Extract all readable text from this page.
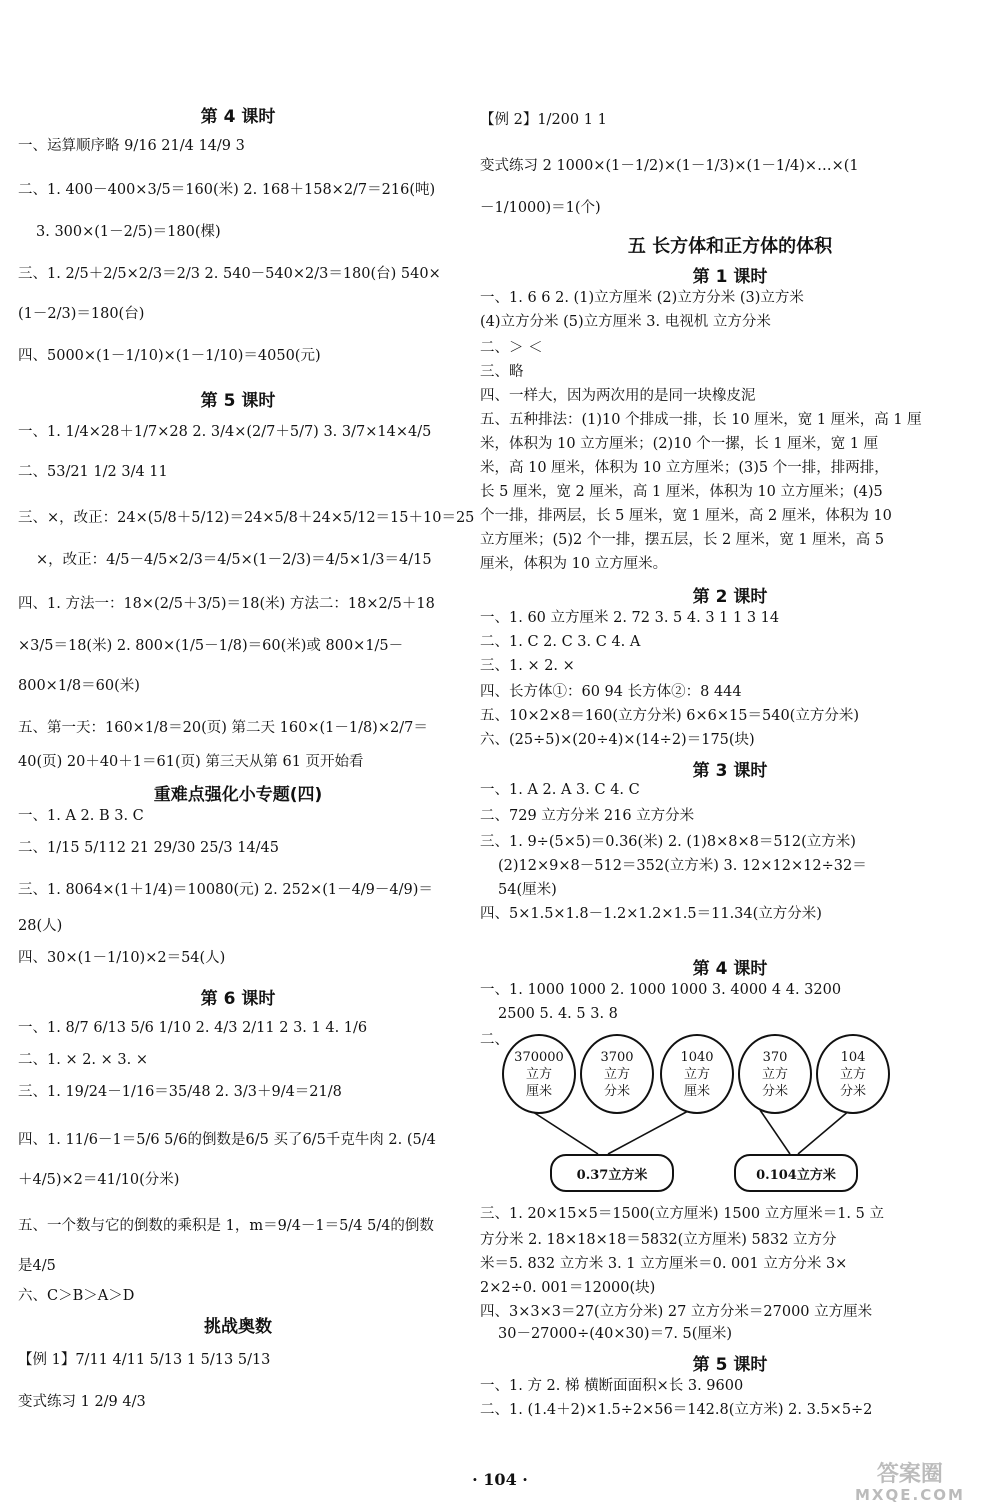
第 4 课时
一、运算顺序略 9/16 21/4 14/9 3
二、1. 400－400×3/5＝160(米) 2. 168＋158×2/7＝216(吨)
3. 300×(1－2/5)＝180(棵)
三、1. 2/5＋2/5×2/3＝2/3 2. 540－540×2/3＝180(台) 540×
(1－2/3)＝180(台)
四、5000×(1－1/10)×(1－1/10)＝4050(元)
第 5 课时
一、1. 1/4×28＋1/7×28 2. 3/4×(2/7＋5/7) 3. 3/7×14×4/5
二、53/21 1/2 3/4 11
三、×，改正：24×(5/8＋5/12)＝24×5/8＋24×5/12＝15＋10＝25
×，改正：4/5－4/5×2/3＝4/5×(1－2/3)＝4/5×1/3＝4/15
四、1. 方法一：18×(2/5＋3/5)＝18(米) 方法二：18×2/5＋18
×3/5＝18(米) 2. 800×(1/5－1/8)＝60(米)或 800×1/5－
800×1/8＝60(米)
五、第一天：160×1/8＝20(页) 第二天 160×(1－1/8)×2/7＝
40(页) 20＋40＋1＝61(页) 第三天从第 61 页开始看
重难点强化小专题(四)
一、1. A 2. B 3. C
二、1/15 5/112 21 29/30 25/3 14/45
三、1. 8064×(1＋1/4)＝10080(元) 2. 252×(1－4/9－4/9)＝
28(人)
四、30×(1－1/10)×2＝54(人)
第 6 课时
一、1. 8/7 6/13 5/6 1/10 2. 4/3 2/11 2 3. 1 4. 1/6
二、1. × 2. × 3. ×
三、1. 19/24－1/16＝35/48 2. 3/3＋9/4＝21/8
四、1. 11/6－1＝5/6 5/6的倒数是6/5 买了6/5千克牛肉 2. (5/4
＋4/5)×2＝41/10(分米)
五、一个数与它的倒数的乘积是 1，m＝9/4－1＝5/4 5/4的倒数
是4/5
六、C＞B＞A＞D
挑战奥数
【例 1】7/11 4/11 5/13 1 5/13 5/13
变式练习 1 2/9 4/3
【例 2】1/200 1 1
变式练习 2 1000×(1－1/2)×(1－1/3)×(1－1/4)×…×(1
－1/1000)＝1(个)
五 长方体和正方体的体积
第 1 课时
一、1. 6 6 2. (1)立方厘米 (2)立方分米 (3)立方米
(4)立方分米 (5)立方厘米 3. 电视机 立方分米
二、＞ ＜
三、略
四、一样大，因为两次用的是同一块橡皮泥
五、五种排法：(1)10 个排成一排，长 10 厘米，宽 1 厘米，高 1 厘
米，体积为 10 立方厘米；(2)10 个一摞，长 1 厘米，宽 1 厘
米，高 10 厘米，体积为 10 立方厘米；(3)5 个一排，排两排，
长 5 厘米，宽 2 厘米，高 1 厘米，体积为 10 立方厘米；(4)5
个一排，排两层，长 5 厘米，宽 1 厘米，高 2 厘米，体积为 10
立方厘米；(5)2 个一排，摆五层，长 2 厘米，宽 1 厘米，高 5
厘米，体积为 10 立方厘米。
第 2 课时
一、1. 60 立方厘米 2. 72 3. 5 4. 3 1 1 3 14
二、1. C 2. C 3. C 4. A
三、1. × 2. ×
四、长方体①：60 94 长方体②：8 444
五、10×2×8＝160(立方分米) 6×6×15＝540(立方分米)
六、(25÷5)×(20÷4)×(14÷2)＝175(块)
第 3 课时
一、1. A 2. A 3. C 4. C
二、729 立方分米 216 立方分米
三、1. 9÷(5×5)＝0.36(米) 2. (1)8×8×8＝512(立方米)
(2)12×9×8－512＝352(立方米) 3. 12×12×12÷32＝
54(厘米)
四、5×1.5×1.8－1.2×1.2×1.5＝11.34(立方分米)
第 4 课时
一、1. 1000 1000 2. 1000 1000 3. 4000 4 4. 3200
2500 5. 4. 5 3. 8
二、
370000
立方
厘米
3700
立方
分米
1040
立方
厘米
370
立方
分米
104
立方
分米
0.37立方米	0.104立方米
三、1. 20×15×5＝1500(立方厘米) 1500 立方厘米＝1. 5 立
方分米 2. 18×18×18＝5832(立方厘米) 5832 立方分
米＝5. 832 立方米 3. 1 立方厘米＝0. 001 立方分米 3×
2×2÷0. 001＝12000(块)
四、3×3×3＝27(立方分米) 27 立方分米＝27000 立方厘米
30－27000÷(40×30)＝7. 5(厘米)
第 5 课时
一、1. 方 2. 梯 横断面面积×长 3. 9600
二、1. (1.4＋2)×1.5÷2×56＝142.8(立方米) 2. 3.5×5÷2
· 104 ·	答案圈
MXQE.COM
